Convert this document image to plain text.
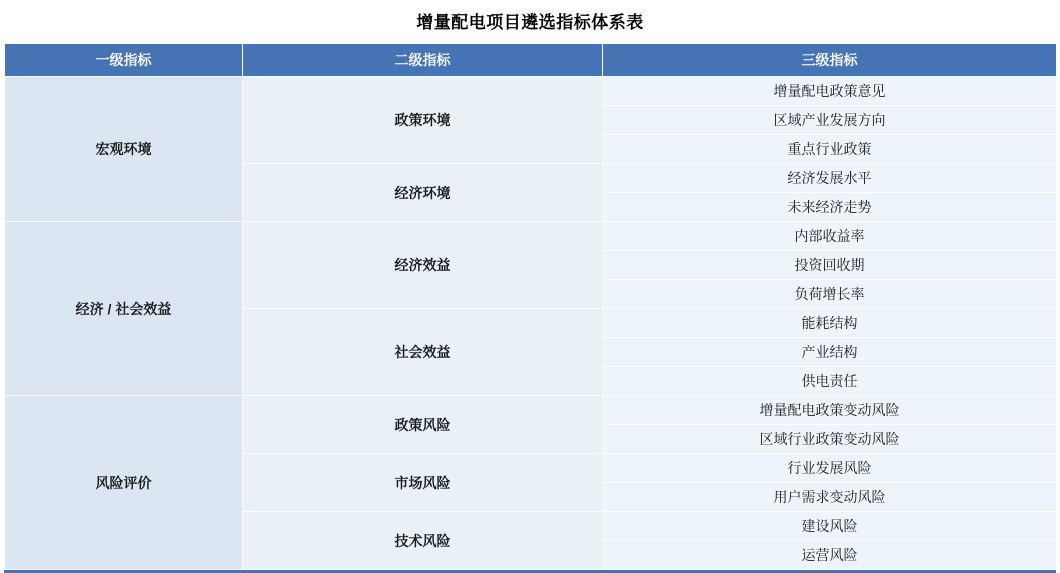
增量配电项目遴选指标体系表
一级指标	二级指标	三级指标
宏观环境	政策环境	增量配电政策意见
		区域产业发展方向
		重点行业政策
	经济环境	经济发展水平
		未来经济走势
经济 / 社会效益	经济效益	内部收益率
		投资回收期
		负荷增长率
	社会效益	能耗结构
		产业结构
		供电责任
风险评价	政策风险	增量配电政策变动风险
		区域行业政策变动风险
	市场风险	行业发展风险
		用户需求变动风险
	技术风险	建设风险
		运营风险
